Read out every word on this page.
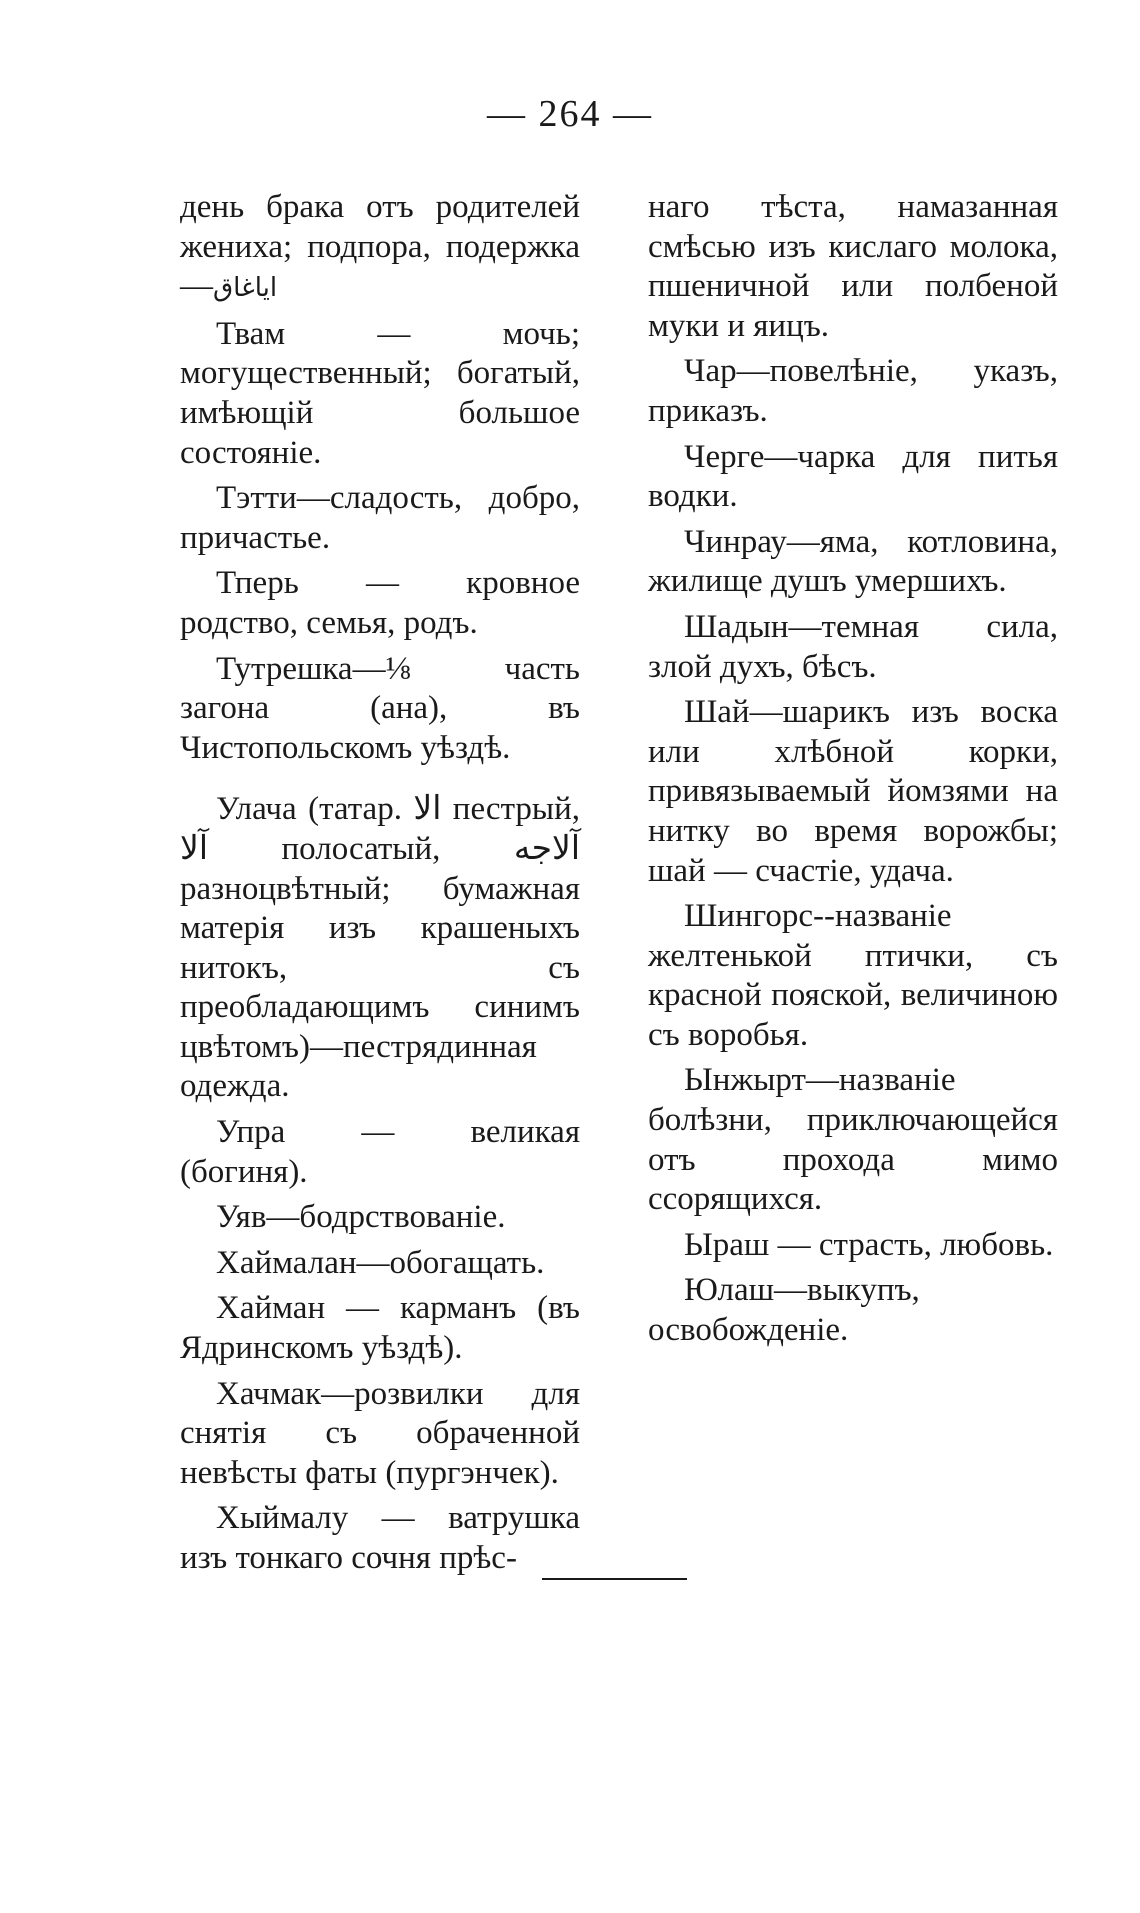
— 264 —

день брака отъ родителей жениха; подпора, подержка—اياغاق

Твам — мочь; могущественный; богатый, имѣющій большое состояніе.

Тэтти—сладость, добро, причастье.

Тперь — кровное родство, семья, родъ.

Тутрешка—⅛ часть загона (ана), въ Чистопольскомъ уѣздѣ.

Улача (татар. الا пестрый, آلا полосатый, آلاجه разноцвѣтный; бумажная матерія изъ крашеныхъ нитокъ, съ преобладающимъ синимъ цвѣтомъ)—пестрядинная одежда.

Упра — великая (богиня).

Уяв—бодрствованіе.

Хаймалан—обогащать.

Хайман — карманъ (въ Ядринскомъ уѣздѣ).

Хачмак—розвилки для снятія съ обраченной невѣсты фаты (пургэнчек).

Хыймалу — ватрушка изъ тонкаго сочня прѣс-

наго тѣста, намазанная смѣсью изъ кислаго молока, пшеничной или полбеной муки и яицъ.

Чар—повелѣніе, указъ, приказъ.

Черге—чарка для питья водки.

Чинрау—яма, котловина, жилище душъ умершихъ.

Шадын—темная сила, злой духъ, бѣсъ.

Шай—шарикъ изъ воска или хлѣбной корки, привязываемый йомзями на нитку во время ворожбы; шай — счастіе, удача.

Шингорс--названіе желтенькой птички, съ красной пояской, величиною съ воробья.

Ынжырт—названіе болѣзни, приключающейся отъ прохода мимо ссорящихся.

Ыраш — страсть, любовь.

Юлаш—выкупъ, освобожденіе.
